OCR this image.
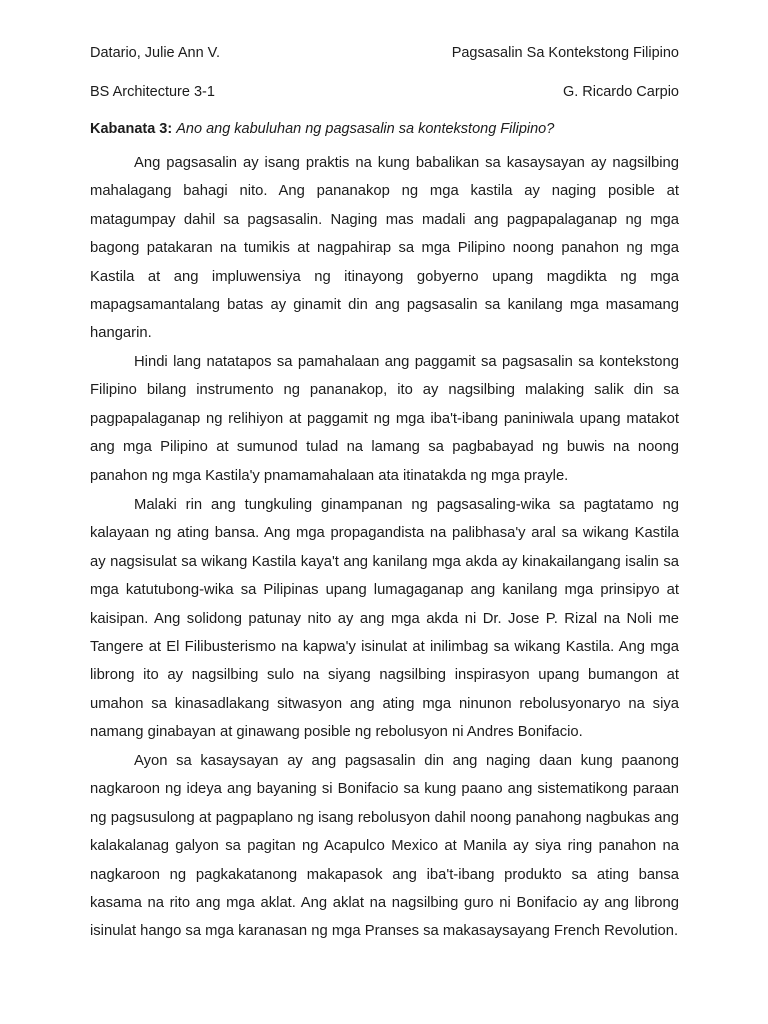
Datario, Julie Ann V.	Pagsasalin Sa Kontekstong Filipino
BS Architecture 3-1	G. Ricardo Carpio
Kabanata 3: Ano ang kabuluhan ng pagsasalin sa kontekstong Filipino?

Ang pagsasalin ay isang praktis na kung babalikan sa kasaysayan ay nagsilbing mahalagang bahagi nito. Ang pananakop ng mga kastila ay naging posible at matagumpay dahil sa pagsasalin. Naging mas madali ang pagpapalaganap ng mga bagong patakaran na tumikis at nagpahirap sa mga Pilipino noong panahon ng mga Kastila at ang impluwensiya ng itinayong gobyerno upang magdikta ng mga mapagsamantalang batas ay ginamit din ang pagsasalin sa kanilang mga masamang hangarin.

Hindi lang natatapos sa pamahalaan ang paggamit sa pagsasalin sa kontekstong Filipino bilang instrumento ng pananakop, ito ay nagsilbing malaking salik din sa pagpapalaganap ng relihiyon at paggamit ng mga iba't-ibang paniniwala upang matakot ang mga Pilipino at sumunod tulad na lamang sa pagbabayad ng buwis na noong panahon ng mga Kastila'y pnamamahalaan ata itinatakda ng mga prayle.

Malaki rin ang tungkuling ginampanan ng pagsasaling-wika sa pagtatamo ng kalayaan ng ating bansa. Ang mga propagandista na palibhasa'y aral sa wikang Kastila ay nagsisulat sa wikang Kastila kaya't ang kanilang mga akda ay kinakailangang isalin sa mga katutubong-wika sa Pilipinas upang lumagaganap ang kanilang mga prinsipyo at kaisipan. Ang solidong patunay nito ay ang mga akda ni Dr. Jose P. Rizal na Noli me Tangere at El Filibusterismo na kapwa'y isinulat at inilimbag sa wikang Kastila. Ang mga librong ito ay nagsilbing sulo na siyang nagsilbing inspirasyon upang bumangon at umahon sa kinasadlakang sitwasyon ang ating mga ninunon rebolusyonaryo na siya namang ginabayan at ginawang posible ng rebolusyon ni Andres Bonifacio.

Ayon sa kasaysayan ay ang pagsasalin din ang naging daan kung paanong nagkaroon ng ideya ang bayaning si Bonifacio sa kung paano ang sistematikong paraan ng pagsusulong at pagpaplano ng isang rebolusyon dahil noong panahong nagbukas ang kalakalanag galyon sa pagitan ng Acapulco Mexico at Manila ay siya ring panahon na nagkaroon ng pagkakatanong makapasok ang iba't-ibang produkto sa ating bansa kasama na rito ang mga aklat. Ang aklat na nagsilbing guro ni Bonifacio ay ang librong isinulat hango sa mga karanasan ng mga Pranses sa makasaysayang French Revolution.
